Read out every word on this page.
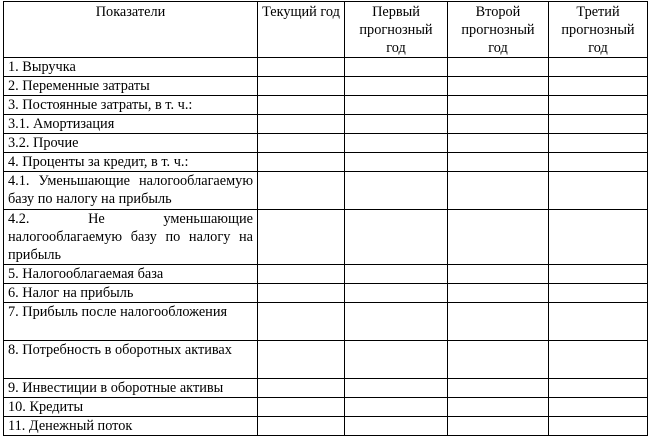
Показатели	Текущий год	Первый прогнозный год	Второй прогнозный год	Третий прогнозный год
1. Выручка				
2. Переменные затраты				
3. Постоянные затраты, в т. ч.:				
3.1. Амортизация				
3.2. Прочие				
4. Проценты за кредит, в т. ч.:				
4.1. Уменьшающие налогооблагаемую базу по налогу на прибыль				
4.2. Не уменьшающие налогооблагаемую базу по налогу на прибыль				
5. Налогооблагаемая база				
6. Налог на прибыль				
7. Прибыль после налогообложения				
8. Потребность в оборотных активах				
9. Инвестиции в оборотные активы				
10. Кредиты				
11. Денежный поток				
